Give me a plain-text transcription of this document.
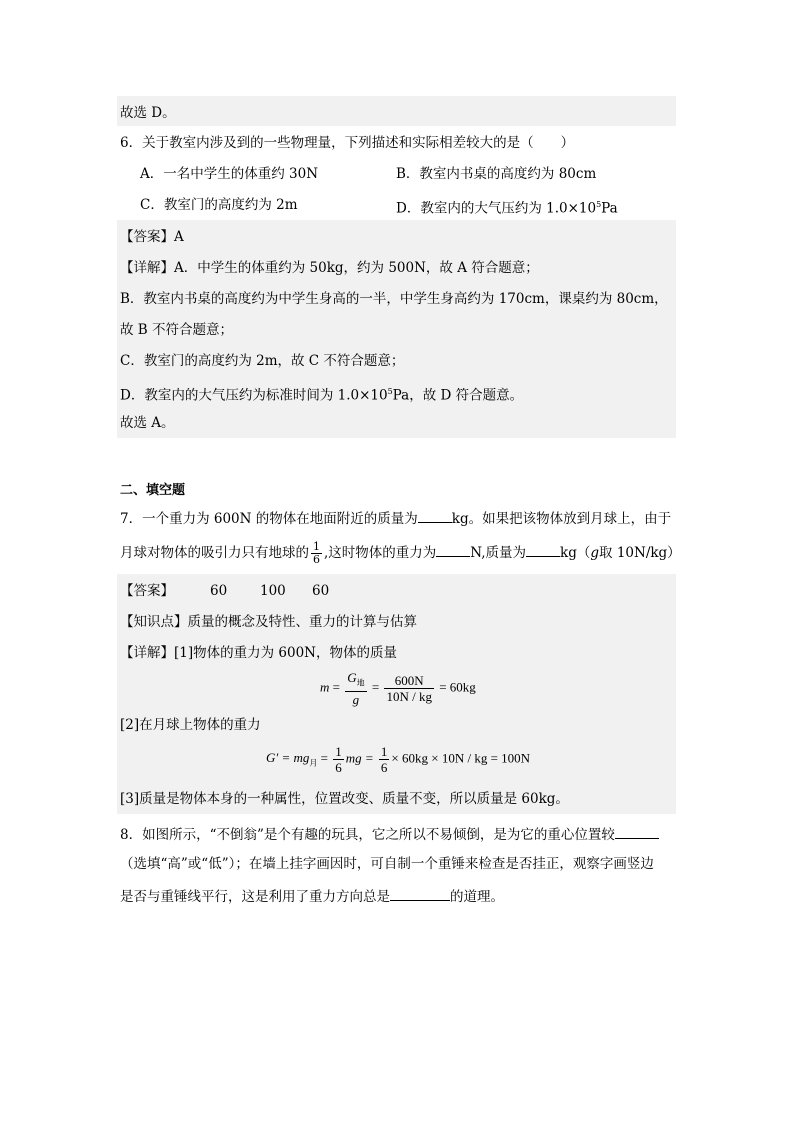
故选 D。
6．关于教室内涉及到的一些物理量，下列描述和实际相差较大的是（　　）
A．一名中学生的体重约 30N	B．教室内书桌的高度约为 80cm
C．教室门的高度约为 2m	D．教室内的大气压约为 $1.0\times 10^5Pa$
【答案】A
【详解】A．中学生的体重约为 50kg，约为 500N，故 A 符合题意；
B．教室内书桌的高度约为中学生身高的一半，中学生身高约为 170cm，课桌约为 80cm，
故 B 不符合题意；
C．教室门的高度约为 2m，故 C 不符合题意；
D．教室内的大气压约为标准时间为 $1.0\times 10^5Pa$，故 D 符合题意。
故选 A。
二、填空题
7．一个重力为 600N 的物体在地面附近的质量为	kg。如果把该物体放到月球上，由于
月球对物体的吸引力只有地球的 $\frac{1}{6}$ ,这时物体的重力为	N,质量为	kg（g取 10N/kg）
【答案】	60 100 60
【知识点】质量的概念及特性、重力的计算与估算
【详解】[1]物体的重力为 600N，物体的质量
$m = \frac{G_地}{g} = \frac{600N}{10N / kg} = 60kg$
[2]在月球上物体的重力
$G' = mg_月 = \frac{1}{6}$ mg = $\frac{1}{6} \times 60kg \times 10N$ / kg = 100N
[3]质量是物体本身的一种属性，位置改变、质量不变，所以质量是 60kg。
8．如图所示，“不倒翁”是个有趣的玩具，它之所以不易倾倒，是为它的重心位置较
（选填“高”或“低”）；在墙上挂字画因时，可自制一个重锤来检查是否挂正，观察字画竖边
是否与重锤线平行，这是利用了重力方向总是	的道理。
